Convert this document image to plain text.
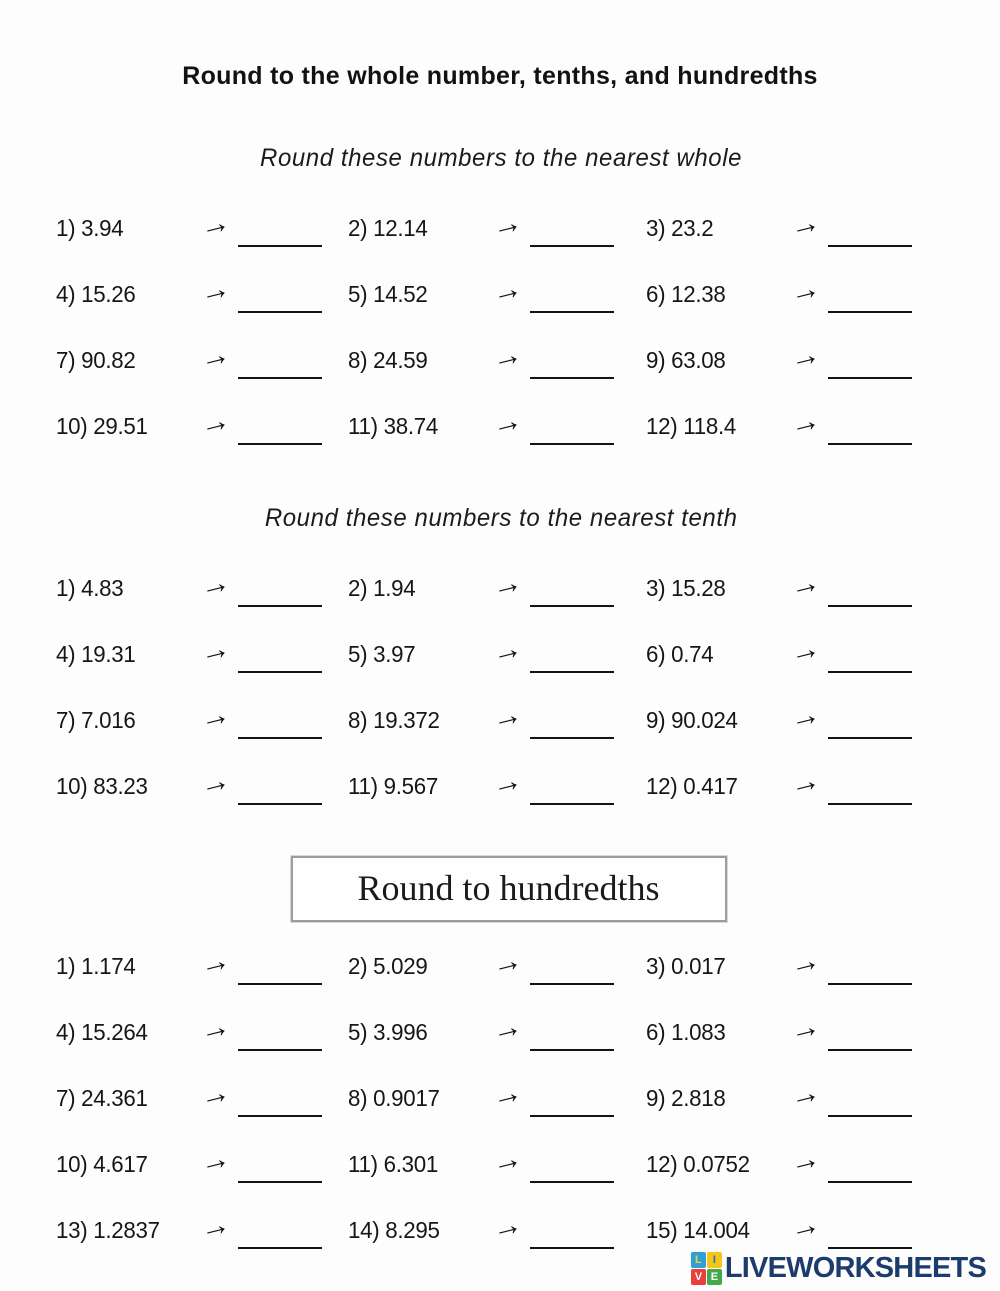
Round to the whole number, tenths, and hundredths
Round these numbers to the nearest whole
1) 3.94	→	2) 12.14	→	3) 23.2	→
4) 15.26	→	5) 14.52	→	6) 12.38	→
7) 90.82	→	8) 24.59	→	9) 63.08	→
10) 29.51	→	11) 38.74	→	12) 118.4	→
Round these numbers to the nearest tenth
1) 4.83	→	2) 1.94	→	3) 15.28	→
4) 19.31	→	5) 3.97	→	6) 0.74	→
7) 7.016	→	8) 19.372	→	9) 90.024	→
10) 83.23	→	11) 9.567	→	12) 0.417	→
Round to hundredths
1) 1.174	→	2) 5.029	→	3) 0.017	→
4) 15.264	→	5) 3.996	→	6) 1.083	→
7) 24.361	→	8) 0.9017	→	9) 2.818	→
10) 4.617	→	11) 6.301	→	12) 0.0752	→
13) 1.2837	→	14) 8.295	→	15) 14.004	→
L	I
V E LIVEWORKSHEETS
